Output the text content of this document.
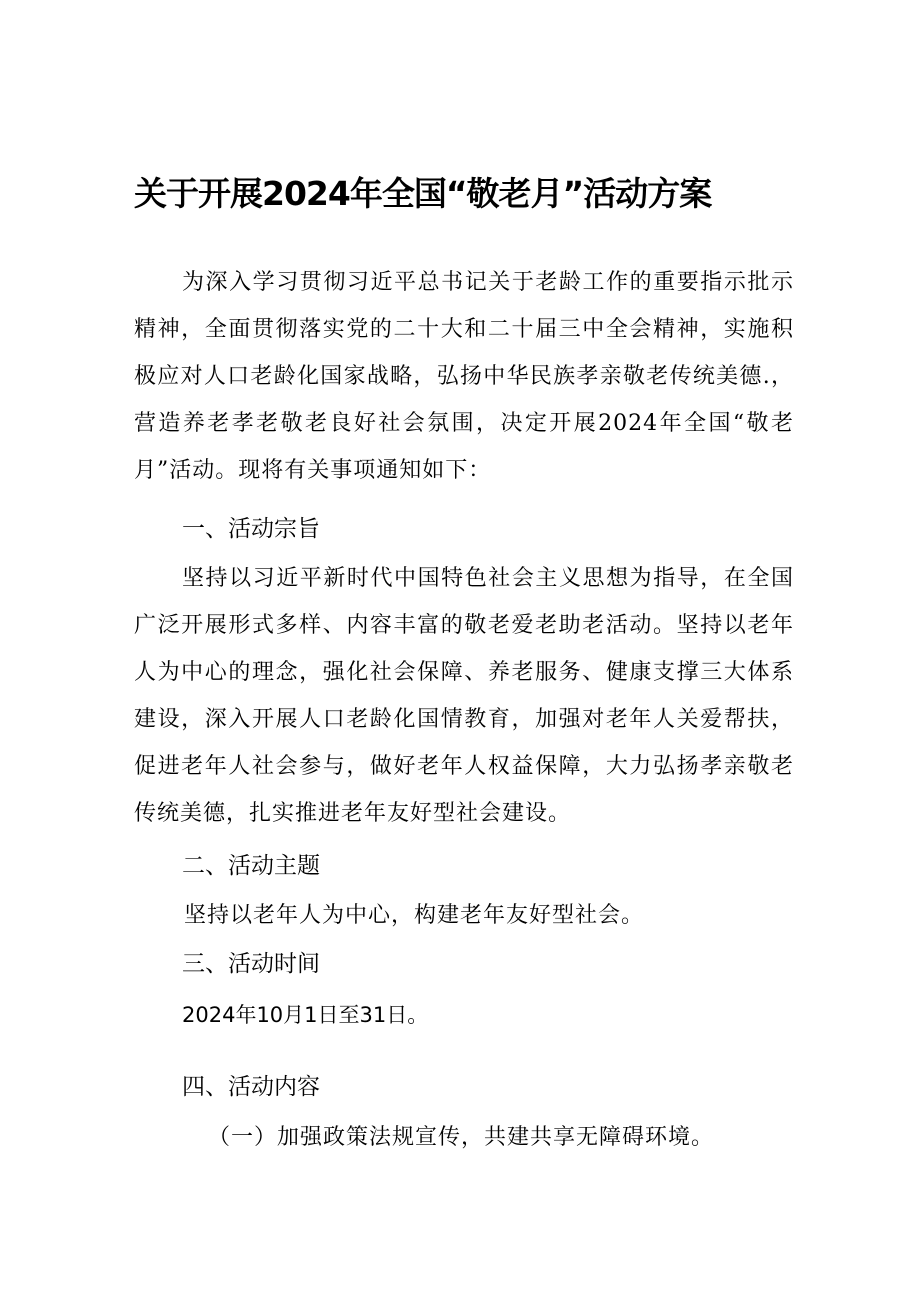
关于开展2024年全国“敬老月”活动方案

为深入学习贯彻习近平总书记关于老龄工作的重要指示批示精神，全面贯彻落实党的二十大和二十届三中全会精神，实施积极应对人口老龄化国家战略，弘扬中华民族孝亲敬老传统美德.，营造养老孝老敬老良好社会氛围，决定开展2024年全国“敬老月”活动。现将有关事项通知如下：

一、活动宗旨

坚持以习近平新时代中国特色社会主义思想为指导，在全国广泛开展形式多样、内容丰富的敬老爱老助老活动。坚持以老年人为中心的理念，强化社会保障、养老服务、健康支撑三大体系建设，深入开展人口老龄化国情教育，加强对老年人关爱帮扶，促进老年人社会参与，做好老年人权益保障，大力弘扬孝亲敬老传统美德，扎实推进老年友好型社会建设。

二、活动主题
坚持以老年人为中心，构建老年友好型社会。
三、活动时间
2024年10月1日至31日。
四、活动内容
（一）加强政策法规宣传，共建共享无障碍环境。
